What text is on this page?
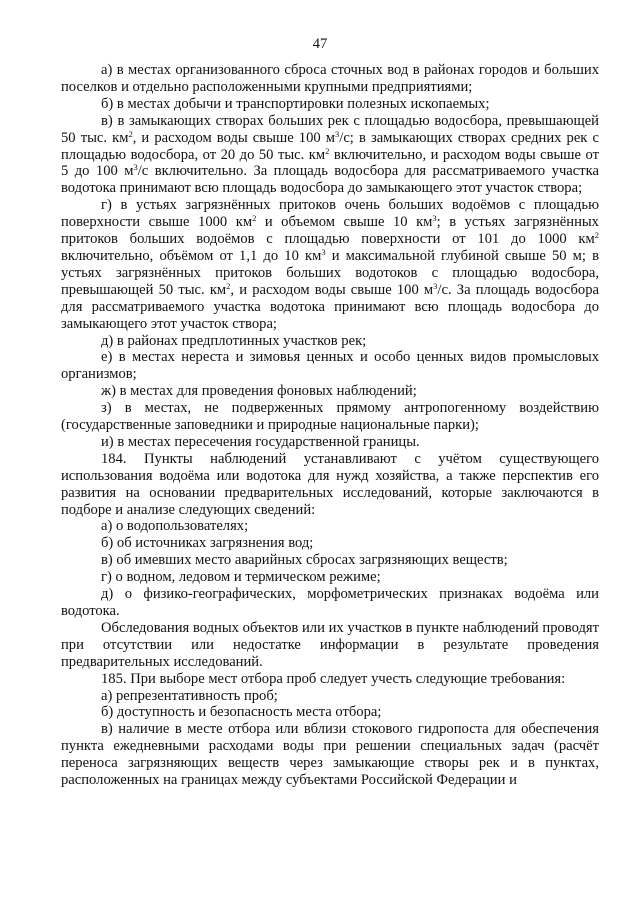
47

а) в местах организованного сброса сточных вод в районах городов и больших поселков и отдельно расположенными крупными предприятиями;

б) в местах добычи и транспортировки полезных ископаемых;

в) в замыкающих створах больших рек с площадью водосбора, превышающей 50 тыс. $км^2$, и расходом воды свыше 100 $м^3/с$; в замыкающих створах средних рек с площадью водосбора, от 20 до 50 тыс. $км^2$ включительно, и расходом воды свыше от 5 до 100 $м^3/с$ включительно. За площадь водосбора для рассматриваемого участка водотока принимают всю площадь водосбора до замыкающего этот участок створа;

г) в устьях загрязнённых притоков очень больших водоёмов с площадью поверхности свыше 1000 $км^2$ и объемом свыше 10 $км^3$; в устьях загрязнённых притоков больших водоёмов с площадью поверхности от 101 до 1000 $км^2$ включительно, объёмом от 1,1 до 10 $км^3$ и максимальной глубиной свыше 50 м; в устьях загрязнённых притоков больших водотоков с площадью водосбора, превышающей 50 тыс. $км^2$, и расходом воды свыше 100 $м^3/с$. За площадь водосбора для рассматриваемого участка водотока принимают всю площадь водосбора до замыкающего этот участок створа;

д) в районах предплотинных участков рек;

е) в местах нереста и зимовья ценных и особо ценных видов промысловых организмов;

ж) в местах для проведения фоновых наблюдений;

з) в местах, не подверженных прямому антропогенному воздействию (государственные заповедники и природные национальные парки);

и) в местах пересечения государственной границы.

184. Пункты наблюдений устанавливают с учётом существующего использования водоёма или водотока для нужд хозяйства, а также перспектив его развития на основании предварительных исследований, которые заключаются в подборе и анализе следующих сведений:

а) о водопользователях;

б) об источниках загрязнения вод;

в) об имевших место аварийных сбросах загрязняющих веществ;

г) о водном, ледовом и термическом режиме;

д) о физико-географических, морфометрических признаках водоёма или водотока.

Обследования водных объектов или их участков в пункте наблюдений проводят при отсутствии или недостатке информации в результате проведения предварительных исследований.

185. При выборе мест отбора проб следует учесть следующие требования:

а) репрезентативность проб;

б) доступность и безопасность места отбора;

в) наличие в месте отбора или вблизи стокового гидропоста для обеспечения пункта ежедневными расходами воды при решении специальных задач (расчёт переноса загрязняющих веществ через замыкающие створы рек и в пунктах, расположенных на границах между субъектами Российской Федерации и
